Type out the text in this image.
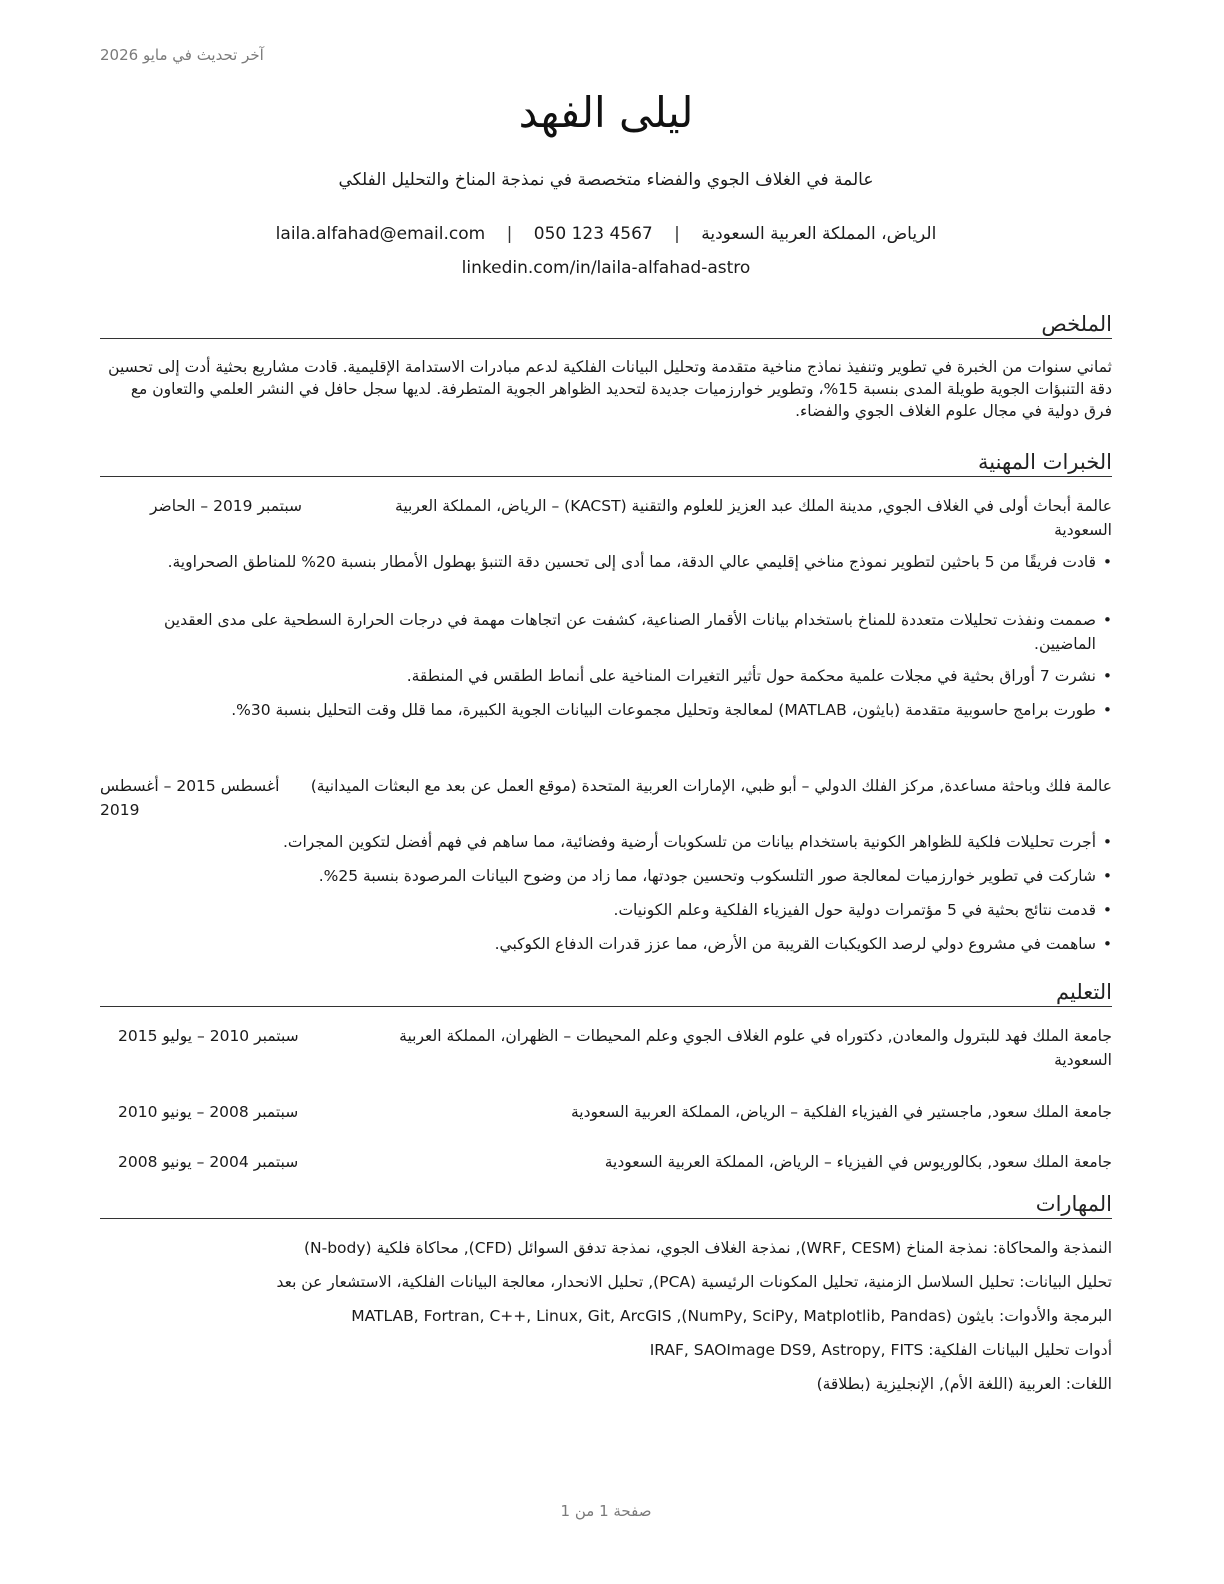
آخر تحديث في مايو 2026
ليلى الفهد
عالمة في الغلاف الجوي والفضاء متخصصة في نمذجة المناخ والتحليل الفلكي
الرياض، المملكة العربية السعودية | laila.alfahad@email.com | 050 123 4567
linkedin.com/in/laila-alfahad-astro
الملخص
ثماني سنوات من الخبرة في تطوير وتنفيذ نماذج مناخية متقدمة وتحليل البيانات الفلكية لدعم مبادرات الاستدامة الإقليمية. قادت مشاريع بحثية أدت إلى تحسين دقة التنبؤات الجوية طويلة المدى بنسبة 15%، وتطوير خوارزميات جديدة لتحديد الظواهر الجوية المتطرفة. لديها سجل حافل في النشر العلمي والتعاون مع فرق دولية في مجال علوم الغلاف الجوي والفضاء.
الخبرات المهنية
عالمة أبحاث أولى في الغلاف الجوي, مدينة الملك عبد العزيز للعلوم والتقنية (KACST) – الرياض، المملكة العربية السعودية
سبتمبر 2019 – الحاضر
•
قادت فريقًا من 5 باحثين لتطوير نموذج مناخي إقليمي عالي الدقة، مما أدى إلى تحسين دقة التنبؤ بهطول الأمطار بنسبة 20% للمناطق الصحراوية.
•
صممت ونفذت تحليلات متعددة للمناخ باستخدام بيانات الأقمار الصناعية، كشفت عن اتجاهات مهمة في درجات الحرارة السطحية على مدى العقدين الماضيين.
•
نشرت 7 أوراق بحثية في مجلات علمية محكمة حول تأثير التغيرات المناخية على أنماط الطقس في المنطقة.
•
طورت برامج حاسوبية متقدمة (بايثون، MATLAB) لمعالجة وتحليل مجموعات البيانات الجوية الكبيرة، مما قلل وقت التحليل بنسبة 30%.
عالمة فلك وباحثة مساعدة, مركز الفلك الدولي – أبو ظبي، الإمارات العربية المتحدة (موقع العمل عن بعد مع البعثات الميدانية)
أغسطس 2015 – أغسطس 2019
•
أجرت تحليلات فلكية للظواهر الكونية باستخدام بيانات من تلسكوبات أرضية وفضائية، مما ساهم في فهم أفضل لتكوين المجرات.
•
شاركت في تطوير خوارزميات لمعالجة صور التلسكوب وتحسين جودتها، مما زاد من وضوح البيانات المرصودة بنسبة 25%.
•
قدمت نتائج بحثية في 5 مؤتمرات دولية حول الفيزياء الفلكية وعلم الكونيات.
•
ساهمت في مشروع دولي لرصد الكويكبات القريبة من الأرض، مما عزز قدرات الدفاع الكوكبي.
التعليم
جامعة الملك فهد للبترول والمعادن, دكتوراه في علوم الغلاف الجوي وعلم المحيطات – الظهران، المملكة العربية السعودية
سبتمبر 2010 – يوليو 2015
جامعة الملك سعود, ماجستير في الفيزياء الفلكية – الرياض، المملكة العربية السعودية
سبتمبر 2008 – يونيو 2010
جامعة الملك سعود, بكالوريوس في الفيزياء – الرياض، المملكة العربية السعودية
سبتمبر 2004 – يونيو 2008
المهارات
النمذجة والمحاكاة: نمذجة المناخ (WRF, CESM), نمذجة الغلاف الجوي، نمذجة تدفق السوائل (CFD), محاكاة فلكية (N-body)
تحليل البيانات: تحليل السلاسل الزمنية، تحليل المكونات الرئيسية (PCA), تحليل الانحدار، معالجة البيانات الفلكية، الاستشعار عن بعد
البرمجة والأدوات: بايثون (NumPy, SciPy, Matplotlib, Pandas), MATLAB, Fortran, C++, Linux, Git, ArcGIS
أدوات تحليل البيانات الفلكية: IRAF, SAOImage DS9, Astropy, FITS
اللغات: العربية (اللغة الأم), الإنجليزية (بطلاقة)
صفحة 1 من 1
